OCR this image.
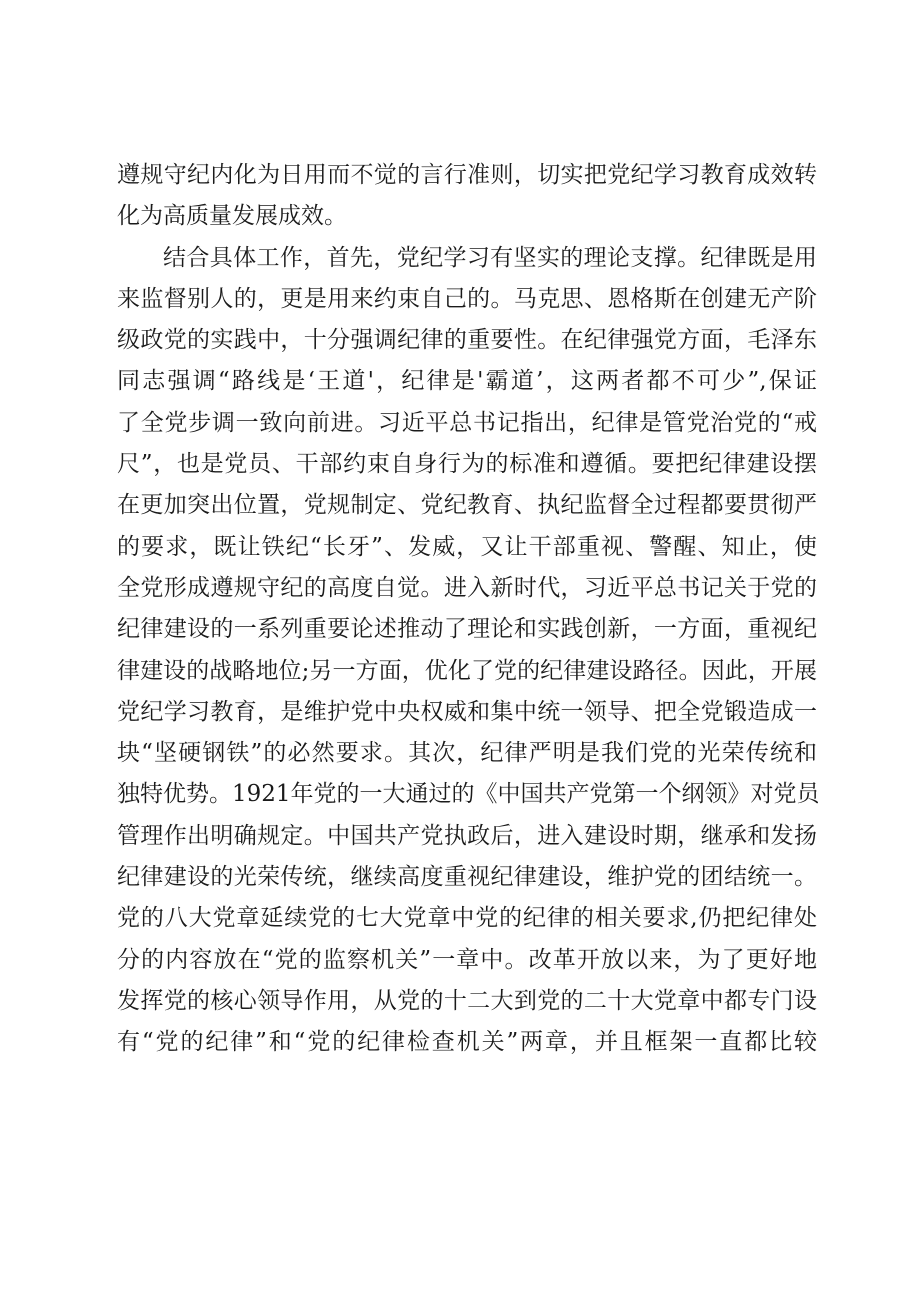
遵规守纪内化为日用而不觉的言行准则，切实把党纪学习教育成效转
化为高质量发展成效。
结合具体工作，首先，党纪学习有坚实的理论支撑。纪律既是用
来监督别人的，更是用来约束自己的。马克思、恩格斯在创建无产阶
级政党的实践中，十分强调纪律的重要性。在纪律强党方面，毛泽东
同志强调“路线是‘王道'，纪律是'霸道’，这两者都不可少”,保证
了全党步调一致向前进。习近平总书记指出，纪律是管党治党的“戒
尺”，也是党员、干部约束自身行为的标准和遵循。要把纪律建设摆
在更加突出位置，党规制定、党纪教育、执纪监督全过程都要贯彻严
的要求，既让铁纪“长牙”、发威，又让干部重视、警醒、知止，使
全党形成遵规守纪的高度自觉。进入新时代，习近平总书记关于党的
纪律建设的一系列重要论述推动了理论和实践创新，一方面，重视纪
律建设的战略地位;另一方面，优化了党的纪律建设路径。因此，开展
党纪学习教育，是维护党中央权威和集中统一领导、把全党锻造成一
块“坚硬钢铁”的必然要求。其次，纪律严明是我们党的光荣传统和
独特优势。1921年党的一大通过的《中国共产党第一个纲领》对党员
管理作出明确规定。中国共产党执政后，进入建设时期，继承和发扬
纪律建设的光荣传统，继续高度重视纪律建设，维护党的团结统一。
党的八大党章延续党的七大党章中党的纪律的相关要求,仍把纪律处
分的内容放在“党的监察机关”一章中。改革开放以来，为了更好地
发挥党的核心领导作用，从党的十二大到党的二十大党章中都专门设
有“党的纪律”和“党的纪律检查机关”两章，并且框架一直都比较
